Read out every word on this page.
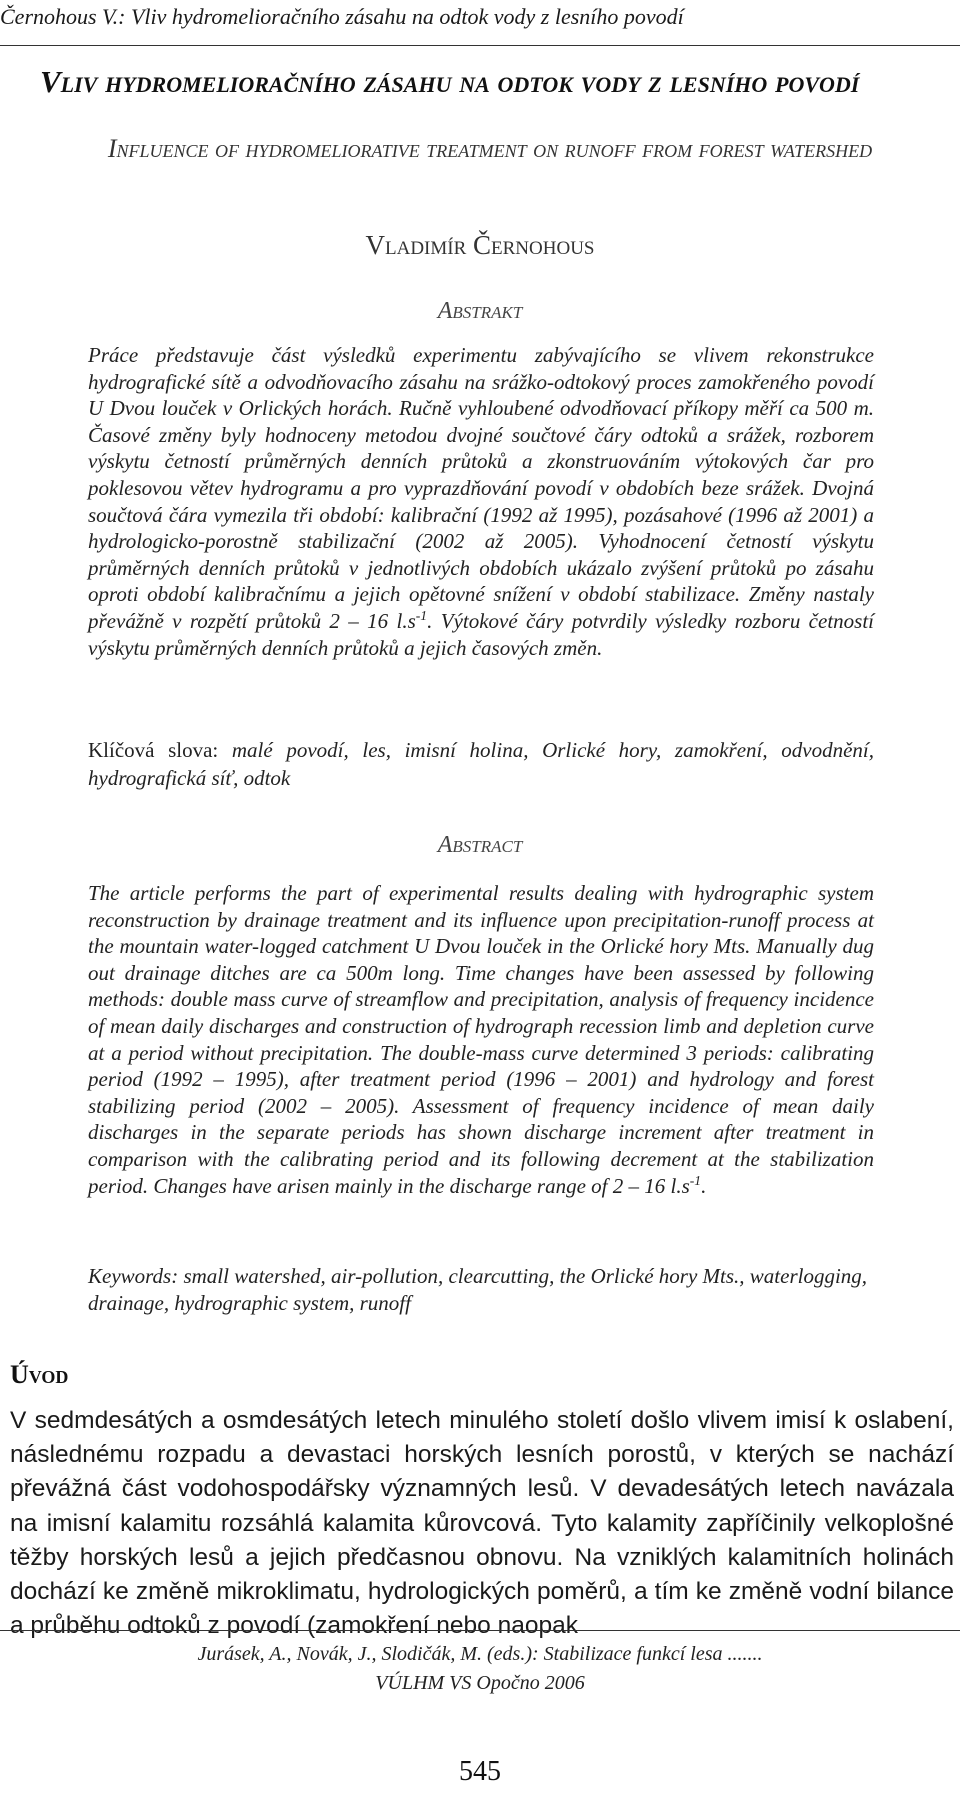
Černohous V.: Vliv hydromelioračního zásahu na odtok vody z lesního povodí
Vliv hydromelioračního zásahu na odtok vody z lesního povodí
Influence of hydromeliorative treatment on runoff from forest watershed
Vladimír Černohous
Abstrakt
Práce představuje část výsledků experimentu zabývajícího se vlivem rekonstrukce hydrografické sítě a odvodňovacího zásahu na srážko-odtokový proces zamokřeného povodí U Dvou louček v Orlických horách. Ručně vyhloubené odvodňovací příkopy měří ca 500 m. Časové změny byly hodnoceny metodou dvojné součtové čáry odtoků a srážek, rozborem výskytu četností průměrných denních průtoků a zkonstruováním výtokových čar pro poklesovou větev hydrogramu a pro vyprazdňování povodí v obdobích beze srážek. Dvojná součtová čára vymezila tři období: kalibrační (1992 až 1995), pozásahové (1996 až 2001) a hydrologicko-porostně stabilizační (2002 až 2005). Vyhodnocení četností výskytu průměrných denních průtoků v jednotlivých obdobích ukázalo zvýšení průtoků po zásahu oproti období kalibračnímu a jejich opětovné snížení v období stabilizace. Změny nastaly převážně v rozpětí průtoků 2 – 16 $l.s^{-1}$. Výtokové čáry potvrdily výsledky rozboru četností výskytu průměrných denních průtoků a jejich časových změn.
Klíčová slova: malé povodí, les, imisní holina, Orlické hory, zamokření, odvodnění, hydrografická síť, odtok
Abstract
The article performs the part of experimental results dealing with hydrographic system reconstruction by drainage treatment and its influence upon precipitation-runoff process at the mountain water-logged catchment U Dvou louček in the Orlické hory Mts. Manually dug out drainage ditches are ca 500m long. Time changes have been assessed by following methods: double mass curve of streamflow and precipitation, analysis of frequency incidence of mean daily discharges and construction of hydrograph recession limb and depletion curve at a period without precipitation. The double-mass curve determined 3 periods: calibrating period (1992 – 1995), after treatment period (1996 – 2001) and hydrology and forest stabilizing period (2002 – 2005). Assessment of frequency incidence of mean daily discharges in the separate periods has shown discharge increment after treatment in comparison with the calibrating period and its following decrement at the stabilization period. Changes have arisen mainly in the discharge range of 2 – 16 $l.s^{-1}$.
Keywords: small watershed, air-pollution, clearcutting, the Orlické hory Mts., waterlogging, drainage, hydrographic system, runoff
Úvod
V sedmdesátých a osmdesátých letech minulého století došlo vlivem imisí k oslabení, následnému rozpadu a devastaci horských lesních porostů, v kterých se nachází převážná část vodohospodářsky významných lesů. V devadesátých letech navázala na imisní kalamitu rozsáhlá kalamita kůrovcová. Tyto kalamity zapříčinily velkoplošné těžby horských lesů a jejich předčasnou obnovu. Na vzniklých kalamitních holinách dochází ke změně mikroklimatu, hydrologických poměrů, a tím ke změně vodní bilance a průběhu odtoků z povodí (zamokření nebo naopak
Jurásek, A., Novák, J., Slodičák, M. (eds.): Stabilizace funkcí lesa .......
VÚLHM VS Opočno 2006
545
